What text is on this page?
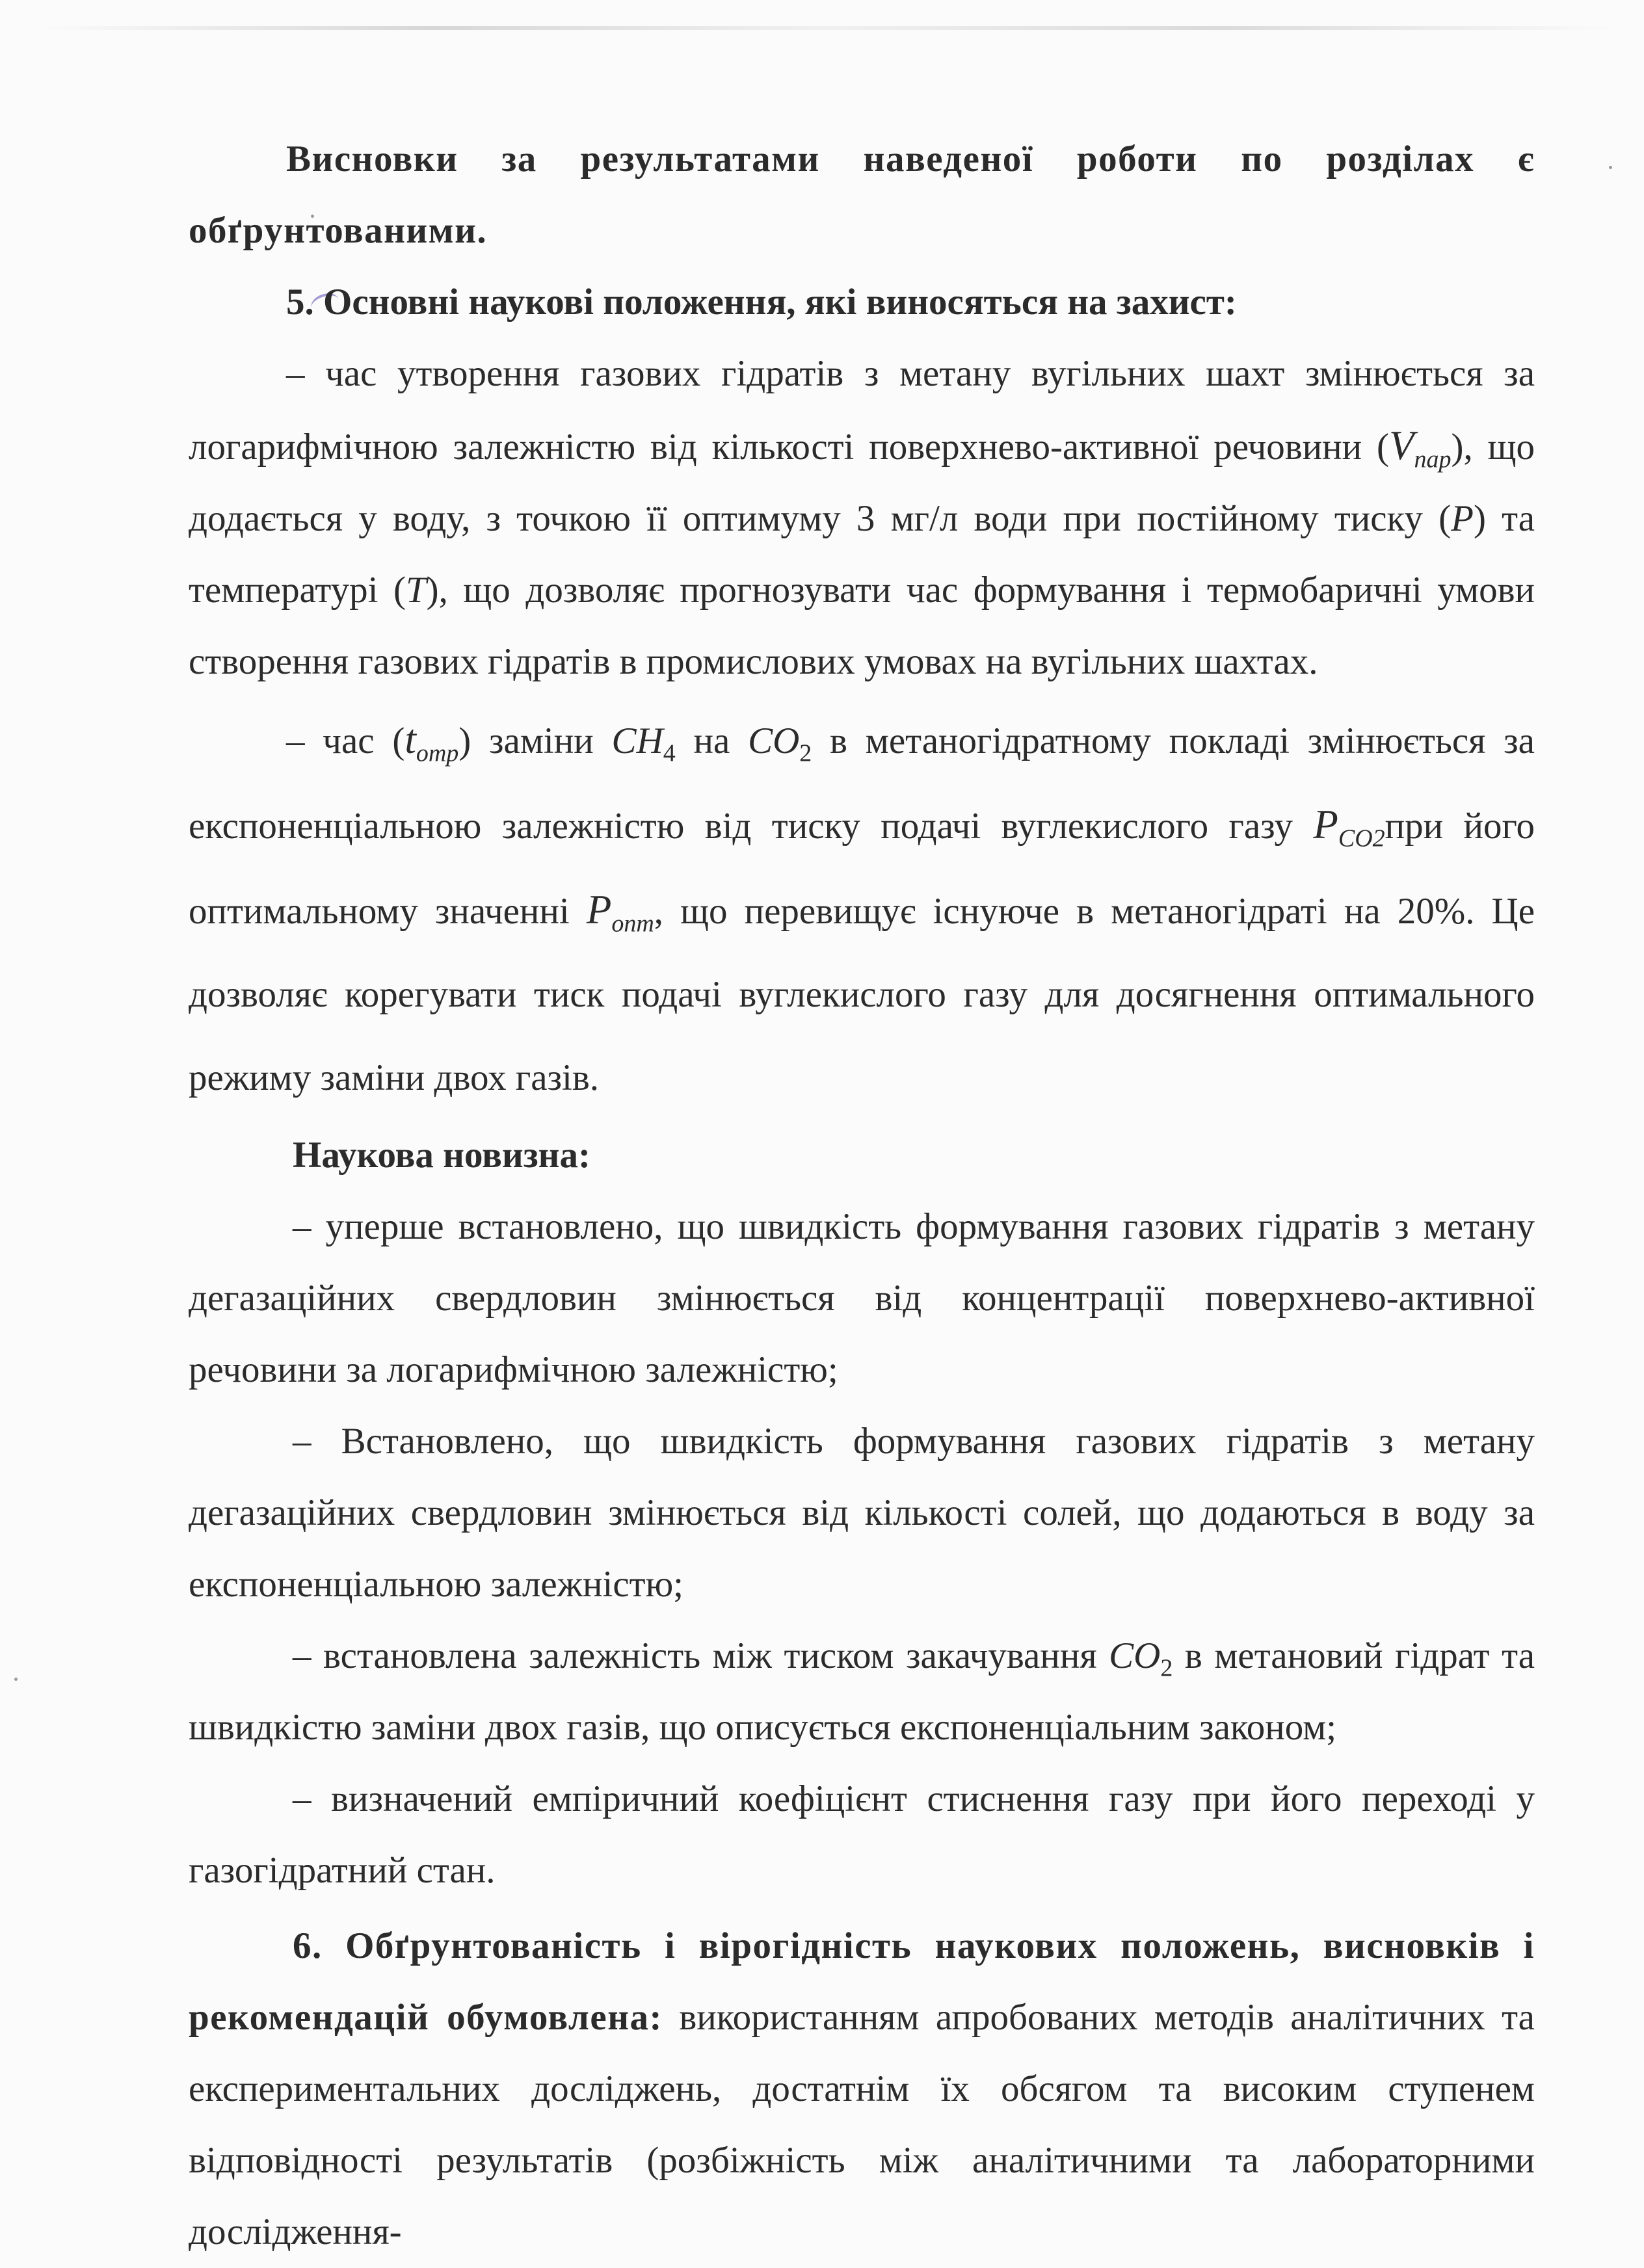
Висновки за результатами наведеної роботи по розділах є обґрунтованими.

5. Основні наукові положення, які виносяться на захист:

– час утворення газових гідратів з метану вугільних шахт змінюється за логарифмічною залежністю від кількості поверхнево-активної речовини $(V_{пар})$, що додається у воду, з точкою її оптимуму 3 мг/л води при постійному тиску (P) та температурі (T), що дозволяє прогнозувати час формування і термобаричні умови створення газових гідратів в промислових умовах на вугільних шахтах.

– час $(t_{отр})$ заміни $CH_4$ на $CO_2$ в метаногідратному покладі змінюється за експоненціальною залежністю від тиску подачі вуглекислого газу $P_{CO2}при$ його оптимальному значенні $P_{опт}$, що перевищує існуюче в метаногідраті на 20%. Це дозволяє корегувати тиск подачі вуглекислого газу для досягнення оптимального режиму заміни двох газів.

Наукова новизна:

– уперше встановлено, що швидкість формування газових гідратів з метану дегазаційних свердловин змінюється від концентрації поверхнево-активної речовини за логарифмічною залежністю;

– Встановлено, що швидкість формування газових гідратів з метану дегазаційних свердловин змінюється від кількості солей, що додаються в воду за експоненціальною залежністю;

– встановлена залежність між тиском закачування $CO_2$ в метановий гідрат та швидкістю заміни двох газів, що описується експоненціальним законом;

– визначений емпіричний коефіцієнт стиснення газу при його переході у газогідратний стан.

6. Обґрунтованість і вірогідність наукових положень, висновків і рекомендацій обумовлена: використанням апробованих методів аналітичних та експериментальних досліджень, достатнім їх обсягом та високим ступенем відповідності результатів (розбіжність між аналітичними та лабораторними дослідження-
